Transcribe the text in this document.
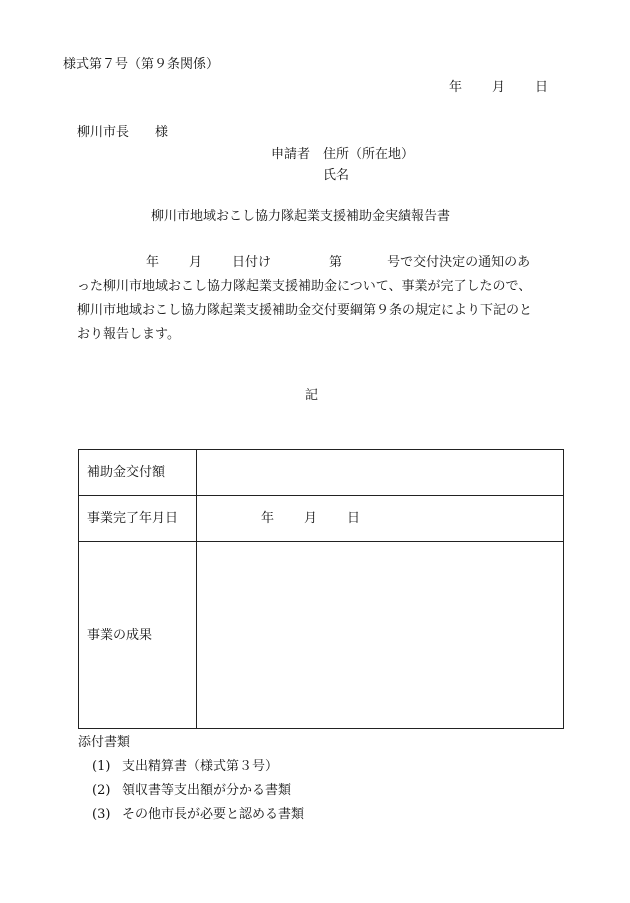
様式第７号（第９条関係）
年 月 日
柳川市長　　様
申請者　住所（所在地）
氏名
柳川市地域おこし協力隊起業支援補助金実績報告書
年 月 日付け	第	号で交付決定の通知のあ
った柳川市地域おこし協力隊起業支援補助金について、事業が完了したので、
柳川市地域おこし協力隊起業支援補助金交付要綱第９条の規定により下記のと
おり報告します。
記
補助金交付額	
事業完了年月日	年 月 日
事業の成果	
添付書類
(1) 支出精算書（様式第３号）
(2) 領収書等支出額が分かる書類
(3) その他市長が必要と認める書類
